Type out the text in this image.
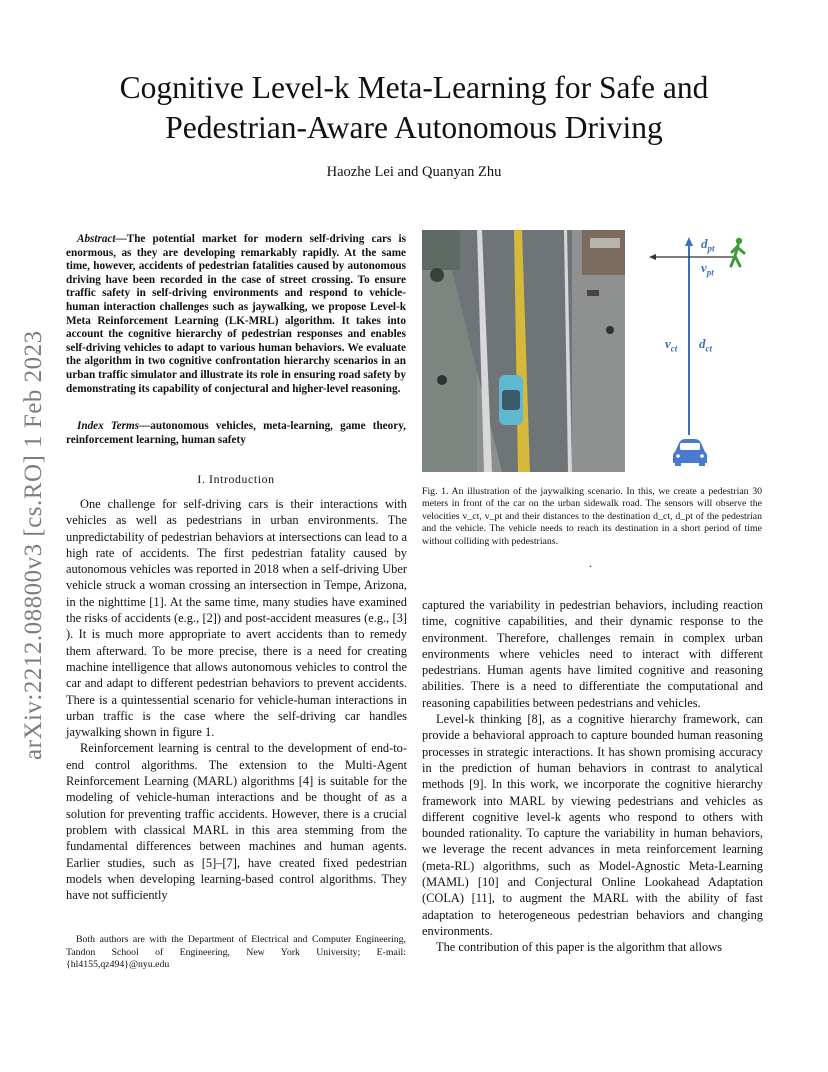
Cognitive Level-k Meta-Learning for Safe and
Pedestrian-Aware Autonomous Driving
Haozhe Lei and Quanyan Zhu
arXiv:2212.08800v3 [cs.RO] 1 Feb 2023
Abstract—The potential market for modern self-driving cars is enormous, as they are developing remarkably rapidly. At the same time, however, accidents of pedestrian fatalities caused by autonomous driving have been recorded in the case of street crossing. To ensure traffic safety in self-driving environments and respond to vehicle-human interaction challenges such as jaywalking, we propose Level-k Meta Reinforcement Learning (LK-MRL) algorithm. It takes into account the cognitive hierarchy of pedestrian responses and enables self-driving vehicles to adapt to various human behaviors. We evaluate the algorithm in two cognitive confrontation hierarchy scenarios in an urban traffic simulator and illustrate its role in ensuring road safety by demonstrating its capability of conjectural and higher-level reasoning.
Index Terms—autonomous vehicles, meta-learning, game theory, reinforcement learning, human safety
I. Introduction

One challenge for self-driving cars is their interactions with vehicles as well as pedestrians in urban environments. The unpredictability of pedestrian behaviors at intersections can lead to a high rate of accidents. The first pedestrian fatality caused by autonomous vehicles was reported in 2018 when a self-driving Uber vehicle struck a woman crossing an intersection in Tempe, Arizona, in the nighttime [1]. At the same time, many studies have examined the risks of accidents (e.g., [2]) and post-accident measures (e.g., [3] ). It is much more appropriate to avert accidents than to remedy them afterward. To be more precise, there is a need for creating machine intelligence that allows autonomous vehicles to control the car and adapt to different pedestrian behaviors to prevent accidents. There is a quintessential scenario for vehicle-human interactions in urban traffic is the case where the self-driving car handles jaywalking shown in figure 1.

Reinforcement learning is central to the development of end-to-end control algorithms. The extension to the Multi-Agent Reinforcement Learning (MARL) algorithms [4] is suitable for the modeling of vehicle-human interactions and be thought of as a solution for preventing traffic accidents. However, there is a crucial problem with classical MARL in this area stemming from the fundamental differences between machines and human agents. Earlier studies, such as [5]–[7], have created fixed pedestrian models when developing learning-based control algorithms. They have not sufficiently

Both authors are with the Department of Electrical and Computer Engineering, Tandon School of Engineering, New York University; E-mail: {hl4155,qz494}@nyu.edu
$d_{pt}$
$v_{pt}$
$v_{ct}$ $d_{ct}$
Fig. 1. An illustration of the jaywalking scenario. In this, we create a pedestrian 30 meters in front of the car on the urban sidewalk road. The sensors will observe the velocities v_ct, v_pt and their distances to the destination d_ct, d_pt of the pedestrian and the vehicle. The vehicle needs to reach its destination in a short period of time without colliding with pedestrians.
.

captured the variability in pedestrian behaviors, including reaction time, cognitive capabilities, and their dynamic response to the environment. Therefore, challenges remain in complex urban environments where vehicles need to interact with different pedestrians. Human agents have limited cognitive and reasoning abilities. There is a need to differentiate the computational and reasoning capabilities between pedestrians and vehicles.

Level-k thinking [8], as a cognitive hierarchy framework, can provide a behavioral approach to capture bounded human reasoning processes in strategic interactions. It has shown promising accuracy in the prediction of human behaviors in contrast to analytical methods [9]. In this work, we incorporate the cognitive hierarchy framework into MARL by viewing pedestrians and vehicles as different cognitive level-k agents who respond to others with bounded rationality. To capture the variability in human behaviors, we leverage the recent advances in meta reinforcement learning (meta-RL) algorithms, such as Model-Agnostic Meta-Learning (MAML) [10] and Conjectural Online Lookahead Adaptation (COLA) [11], to augment the MARL with the ability of fast adaptation to heterogeneous pedestrian behaviors and changing environments.

The contribution of this paper is the algorithm that allows
